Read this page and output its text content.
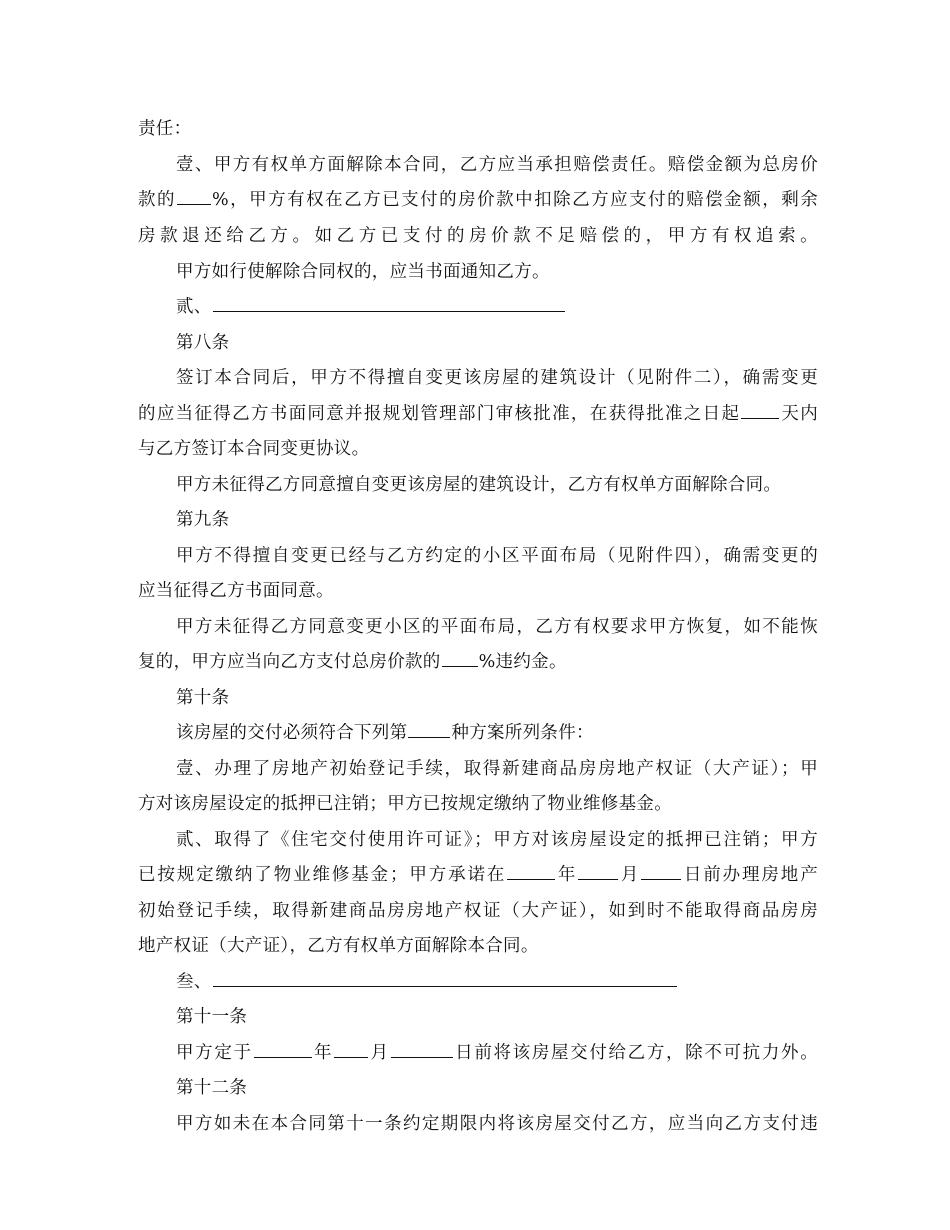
责任：
壹、甲方有权单方面解除本合同，乙方应当承担赔偿责任。赔偿金额为总房价
款的 %，甲方有权在乙方已支付的房价款中扣除乙方应支付的赔偿金额，剩余
房款退还给乙方。如乙方已支付的房价款不足赔偿的，甲方有权追索。
甲方如行使解除合同权的，应当书面通知乙方。
贰、
第八条
签订本合同后，甲方不得擅自变更该房屋的建筑设计（见附件二），确需变更
的应当征得乙方书面同意并报规划管理部门审核批准，在获得批准之日起 天内
与乙方签订本合同变更协议。
甲方未征得乙方同意擅自变更该房屋的建筑设计，乙方有权单方面解除合同。
第九条
甲方不得擅自变更已经与乙方约定的小区平面布局（见附件四），确需变更的
应当征得乙方书面同意。
甲方未征得乙方同意变更小区的平面布局，乙方有权要求甲方恢复，如不能恢
复的，甲方应当向乙方支付总房价款的 %违约金。
第十条
该房屋的交付必须符合下列第	种方案所列条件：
壹、办理了房地产初始登记手续，取得新建商品房房地产权证（大产证）；甲
方对该房屋设定的抵押已注销；甲方已按规定缴纳了物业维修基金。
贰、取得了《住宅交付使用许可证》；甲方对该房屋设定的抵押已注销；甲方
已按规定缴纳了物业维修基金；甲方承诺在	年 月 日前办理房地产
初始登记手续，取得新建商品房房地产权证（大产证），如到时不能取得商品房房
地产权证（大产证），乙方有权单方面解除本合同。
叁、
第十一条
甲方定于	年 月	日前将该房屋交付给乙方，除不可抗力外。
第十二条
甲方如未在本合同第十一条约定期限内将该房屋交付乙方，应当向乙方支付违
